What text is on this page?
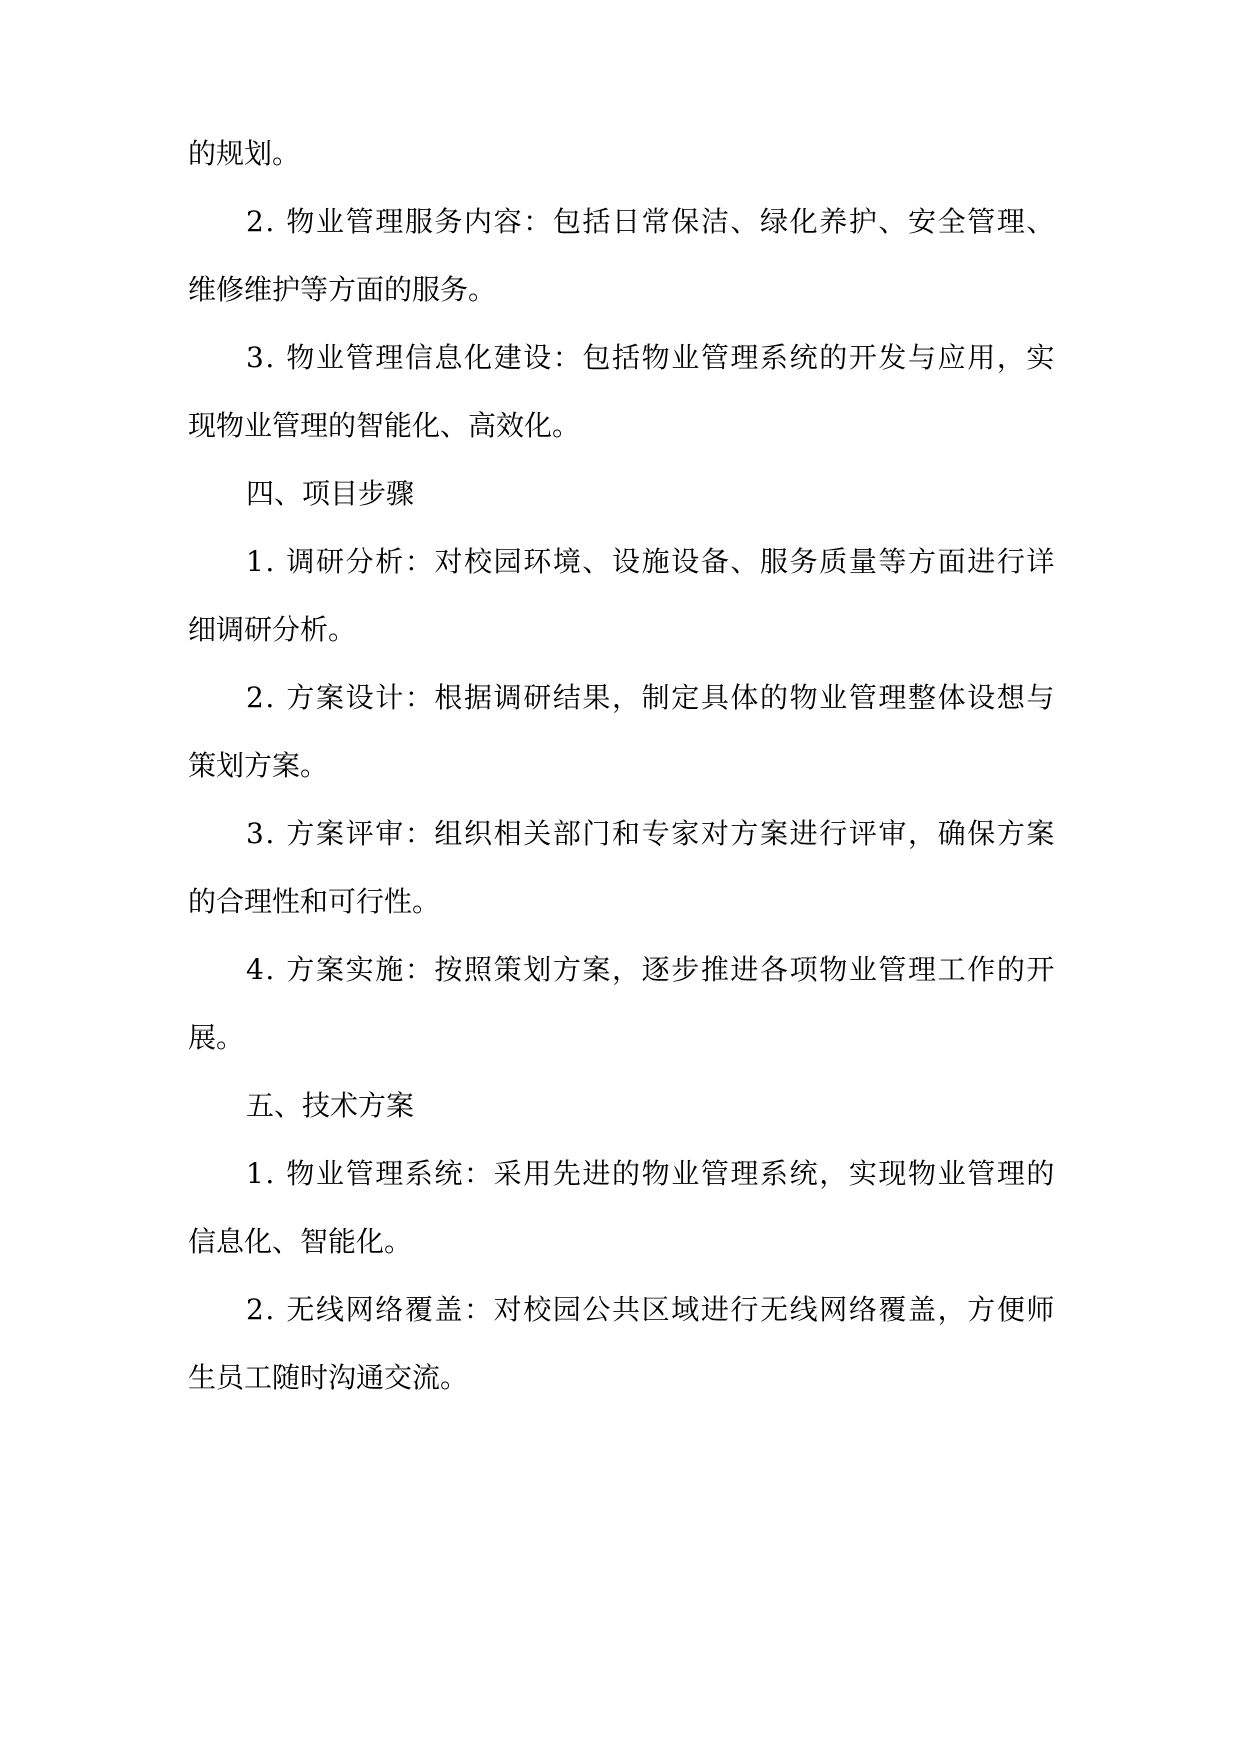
的规划。

2. 物业管理服务内容：包括日常保洁、绿化养护、安全管理、

维修维护等方面的服务。

3. 物业管理信息化建设：包括物业管理系统的开发与应用，实

现物业管理的智能化、高效化。

四、项目步骤

1. 调研分析：对校园环境、设施设备、服务质量等方面进行详

细调研分析。

2. 方案设计：根据调研结果，制定具体的物业管理整体设想与

策划方案。

3. 方案评审：组织相关部门和专家对方案进行评审，确保方案

的合理性和可行性。

4. 方案实施：按照策划方案，逐步推进各项物业管理工作的开

展。

五、技术方案

1. 物业管理系统：采用先进的物业管理系统，实现物业管理的

信息化、智能化。

2. 无线网络覆盖：对校园公共区域进行无线网络覆盖，方便师

生员工随时沟通交流。
